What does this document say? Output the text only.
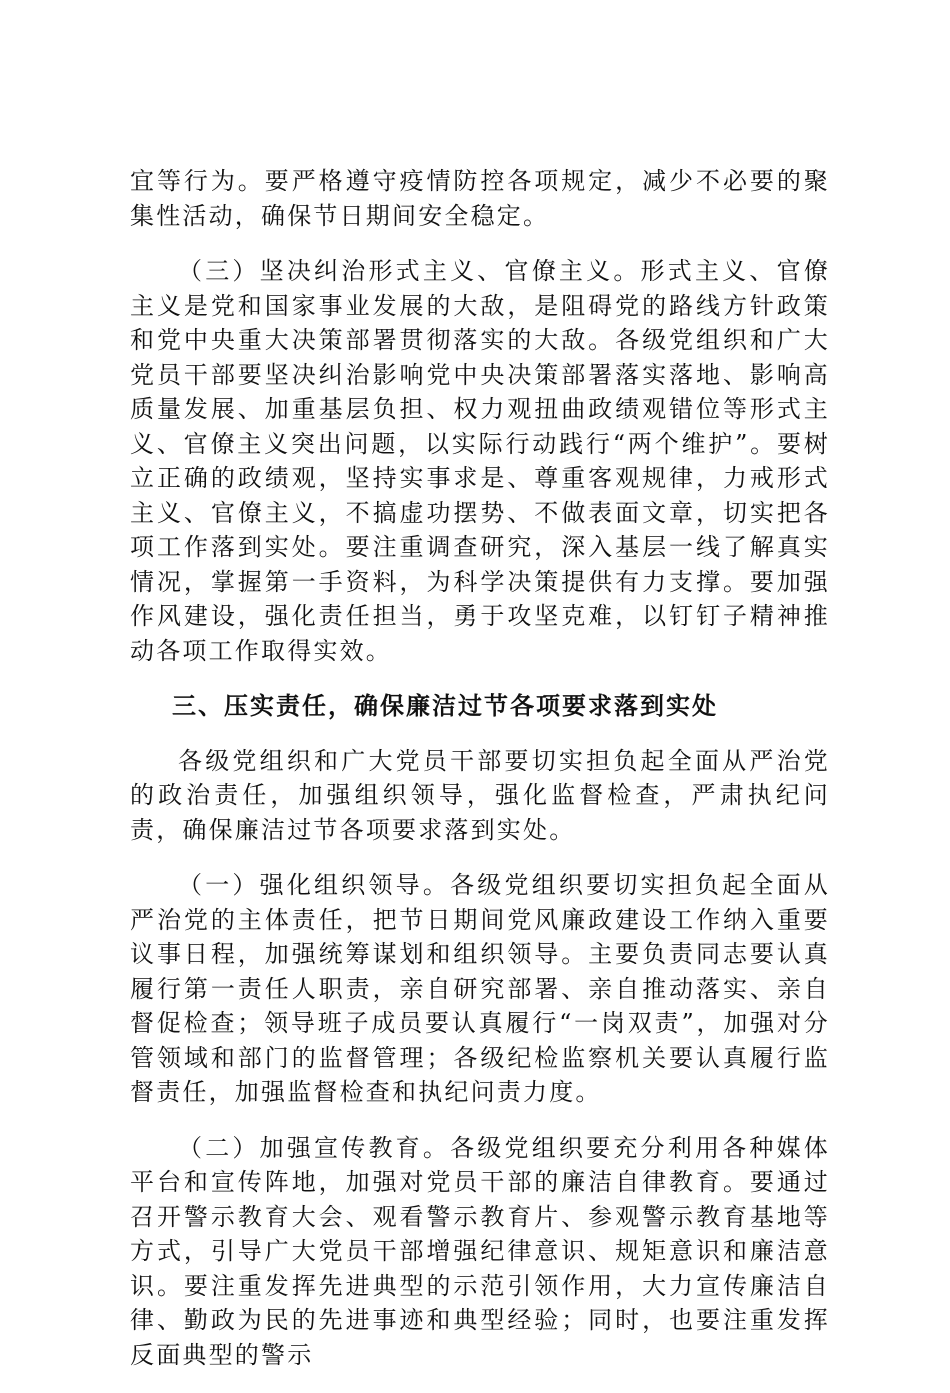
宜等行为。要严格遵守疫情防控各项规定，减少不必要的聚集性活动，确保节日期间安全稳定。

（三）坚决纠治形式主义、官僚主义。形式主义、官僚主义是党和国家事业发展的大敌，是阻碍党的路线方针政策和党中央重大决策部署贯彻落实的大敌。各级党组织和广大党员干部要坚决纠治影响党中央决策部署落实落地、影响高质量发展、加重基层负担、权力观扭曲政绩观错位等形式主义、官僚主义突出问题，以实际行动践行“两个维护”。要树立正确的政绩观，坚持实事求是、尊重客观规律，力戒形式主义、官僚主义，不搞虚功摆势、不做表面文章，切实把各项工作落到实处。要注重调查研究，深入基层一线了解真实情况，掌握第一手资料，为科学决策提供有力支撑。要加强作风建设，强化责任担当，勇于攻坚克难，以钉钉子精神推动各项工作取得实效。

三、压实责任，确保廉洁过节各项要求落到实处

各级党组织和广大党员干部要切实担负起全面从严治党的政治责任，加强组织领导，强化监督检查，严肃执纪问责，确保廉洁过节各项要求落到实处。

（一）强化组织领导。各级党组织要切实担负起全面从严治党的主体责任，把节日期间党风廉政建设工作纳入重要议事日程，加强统筹谋划和组织领导。主要负责同志要认真履行第一责任人职责，亲自研究部署、亲自推动落实、亲自督促检查；领导班子成员要认真履行“一岗双责”，加强对分管领域和部门的监督管理；各级纪检监察机关要认真履行监督责任，加强监督检查和执纪问责力度。

（二）加强宣传教育。各级党组织要充分利用各种媒体平台和宣传阵地，加强对党员干部的廉洁自律教育。要通过召开警示教育大会、观看警示教育片、参观警示教育基地等方式，引导广大党员干部增强纪律意识、规矩意识和廉洁意识。要注重发挥先进典型的示范引领作用，大力宣传廉洁自律、勤政为民的先进事迹和典型经验；同时，也要注重发挥反面典型的警示
